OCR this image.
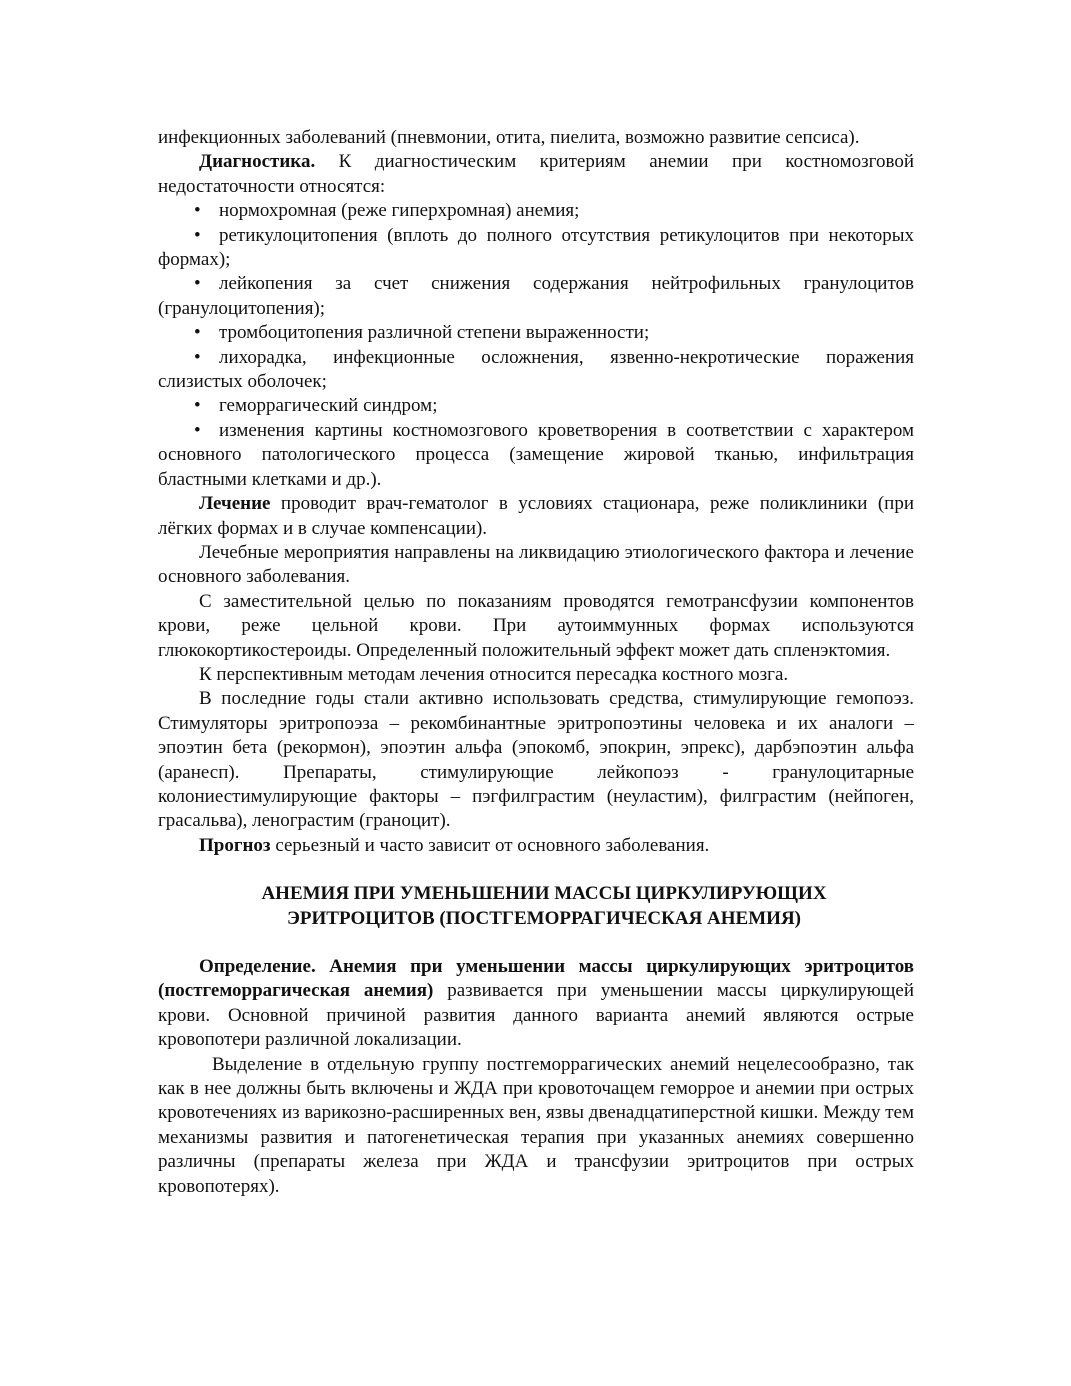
инфекционных заболеваний (пневмонии, отита, пиелита, возможно развитие сепсиса).

Диагностика. К диагностическим критериям анемии при костномозговой недостаточности относятся:

• нормохромная (реже гиперхромная) анемия;
• ретикулоцитопения (вплоть до полного отсутствия ретикулоцитов при некоторых формах);
• лейкопения за счет снижения содержания нейтрофильных гранулоцитов (гранулоцитопения);
• тромбоцитопения различной степени выраженности;
• лихорадка, инфекционные осложнения, язвенно-некротические поражения слизистых оболочек;
• геморрагический синдром;
• изменения картины костномозгового кроветворения в соответствии с характером основного патологического процесса (замещение жировой тканью, инфильтрация бластными клетками и др.).

Лечение проводит врач-гематолог в условиях стационара, реже поликлиники (при лёгких формах и в случае компенсации).

Лечебные мероприятия направлены на ликвидацию этиологического фактора и лечение основного заболевания.

С заместительной целью по показаниям проводятся гемотрансфузии компонентов крови, реже цельной крови. При аутоиммунных формах используются глюкокортикостероиды. Определенный положительный эффект может дать спленэктомия.

К перспективным методам лечения относится пересадка костного мозга.

В последние годы стали активно использовать средства, стимулирующие гемопоэз. Стимуляторы эритропоэза – рекомбинантные эритропоэтины человека и их аналоги – эпоэтин бета (рекормон), эпоэтин альфа (эпокомб, эпокрин, эпрекс), дарбэпоэтин альфа (аранесп). Препараты, стимулирующие лейкопоэз - гранулоцитарные колониестимулирующие факторы – пэгфилграстим (неуластим), филграстим (нейпоген, грасальва), ленограстим (граноцит).

Прогноз серьезный и часто зависит от основного заболевания.

АНЕМИЯ ПРИ УМЕНЬШЕНИИ МАССЫ ЦИРКУЛИРУЮЩИХ
ЭРИТРОЦИТОВ (ПОСТГЕМОРРАГИЧЕСКАЯ АНЕМИЯ)

Определение. Анемия при уменьшении массы циркулирующих эритроцитов (постгеморрагическая анемия) развивается при уменьшении массы циркулирующей крови. Основной причиной развития данного варианта анемий являются острые кровопотери различной локализации.

Выделение в отдельную группу постгеморрагических анемий нецелесообразно, так как в нее должны быть включены и ЖДА при кровоточащем геморрое и анемии при острых кровотечениях из варикозно-расширенных вен, язвы двенадцатиперстной кишки. Между тем механизмы развития и патогенетическая терапия при указанных анемиях совершенно различны (препараты железа при ЖДА и трансфузии эритроцитов при острых кровопотерях).
